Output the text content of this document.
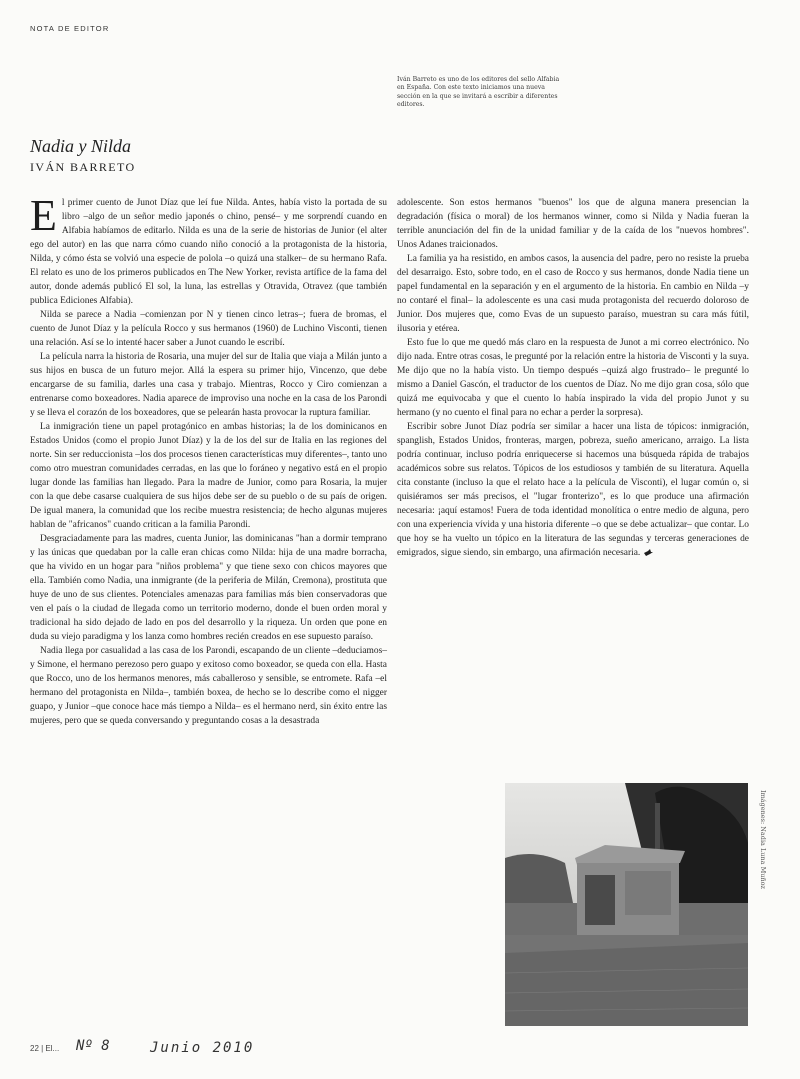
NOTA DE EDITOR
Iván Barreto es uno de los editores del sello Alfabia en España. Con este texto iniciamos una nueva sección en la que se invitará a escribir a diferentes editores.
Nadia y Nilda
IVÁN BARRETO
E l primer cuento de Junot Díaz que leí fue Nilda. Antes, había visto la portada de su libro –algo de un señor medio japonés o chino, pensé– y me sorprendí cuando en Alfabia habíamos de editarlo. Nilda es una de la serie de historias de Junior (el alter ego del autor) en las que narra cómo cuando niño conoció a la protagonista de la historia, Nilda, y cómo ésta se volvió una especie de polola –o quizá una stalker– de su hermano Rafa. El relato es uno de los primeros publicados en The New Yorker, revista artífice de la fama del autor, donde además publicó El sol, la luna, las estrellas y Otravida, Otravez (que también publica Ediciones Alfabia).

Nilda se parece a Nadia –comienzan por N y tienen cinco letras–; fuera de bromas, el cuento de Junot Díaz y la película Rocco y sus hermanos (1960) de Luchino Visconti, tienen una relación. Así se lo intenté hacer saber a Junot cuando le escribí.

La película narra la historia de Rosaria, una mujer del sur de Italia que viaja a Milán junto a sus hijos en busca de un futuro mejor. Allá la espera su primer hijo, Vincenzo, que debe encargarse de su familia, darles una casa y trabajo. Mientras, Rocco y Ciro comienzan a entrenarse como boxeadores. Nadia aparece de improviso una noche en la casa de los Parondi y se lleva el corazón de los boxeadores, que se pelearán hasta provocar la ruptura familiar.

La inmigración tiene un papel protagónico en ambas historias; la de los dominicanos en Estados Unidos (como el propio Junot Díaz) y la de los del sur de Italia en las regiones del norte. Sin ser reduccionista –los dos procesos tienen características muy diferentes–, tanto uno como otro muestran comunidades cerradas, en las que lo foráneo y negativo está en el propio lugar donde las familias han llegado. Para la madre de Junior, como para Rosaria, la mujer con la que debe casarse cualquiera de sus hijos debe ser de su pueblo o de su país de origen. De igual manera, la comunidad que los recibe muestra resistencia; de hecho algunas mujeres hablan de "africanos" cuando critican a la familia Parondi.

Desgraciadamente para las madres, cuenta Junior, las dominicanas "han a dormir temprano y las únicas que quedaban por la calle eran chicas como Nilda: hija de una madre borracha, que ha vivido en un hogar para "niños problema" y que tiene sexo con chicos mayores que ella. También como Nadia, una inmigrante (de la periferia de Milán, Cremona), prostituta que huye de uno de sus clientes. Potenciales amenazas para familias más bien conservadoras que ven el país o la ciudad de llegada como un territorio moderno, donde el buen orden moral y tradicional ha sido dejado de lado en pos del desarrollo y la riqueza. Un orden que pone en duda su viejo paradigma y los lanza como hombres recién creados en ese supuesto paraíso.

Nadia llega por casualidad a las casa de los Parondi, escapando de un cliente –deduciamos– y Simone, el hermano perezoso pero guapo y exitoso como boxeador, se queda con ella. Hasta que Rocco, uno de los hermanos menores, más caballeroso y sensible, se entromete. Rafa –el hermano del protagonista en Nilda–, también boxea, de hecho se lo describe como el nigger guapo, y Junior –que conoce hace más tiempo a Nilda– es el hermano nerd, sin éxito entre las mujeres, pero que se queda conversando y preguntando cosas a la desastrada

adolescente. Son estos hermanos "buenos" los que de alguna manera presencian la degradación (física o moral) de los hermanos winner, como si Nilda y Nadia fueran la terrible anunciación del fin de la unidad familiar y de la caída de los "nuevos hombres". Unos Adanes traicionados.

La familia ya ha resistido, en ambos casos, la ausencia del padre, pero no resiste la prueba del desarraigo. Esto, sobre todo, en el caso de Rocco y sus hermanos, donde Nadia tiene un papel fundamental en la separación y en el argumento de la historia. En cambio en Nilda –y no contaré el final– la adolescente es una casi muda protagonista del recuerdo doloroso de Junior. Dos mujeres que, como Evas de un supuesto paraíso, muestran su cara más fútil, ilusoria y etérea.

Esto fue lo que me quedó más claro en la respuesta de Junot a mi correo electrónico. No dijo nada. Entre otras cosas, le pregunté por la relación entre la historia de Visconti y la suya. Me dijo que no la había visto. Un tiempo después –quizá algo frustrado– le pregunté lo mismo a Daniel Gascón, el traductor de los cuentos de Díaz. No me dijo gran cosa, sólo que quizá me equivocaba y que el cuento lo había inspirado la vida del propio Junot y su hermano (y no cuento el final para no echar a perder la sorpresa).

Escribir sobre Junot Díaz podría ser similar a hacer una lista de tópicos: inmigración, spanglish, Estados Unidos, fronteras, margen, pobreza, sueño americano, arraigo. La lista podría continuar, incluso podría enriquecerse si hacemos una búsqueda rápida de trabajos académicos sobre sus relatos. Tópicos de los estudiosos y también de su literatura. Aquella cita constante (incluso la que el relato hace a la película de Visconti), el lugar común o, si quisiéramos ser más precisos, el "lugar fronterizo", es lo que produce una afirmación necesaria: ¡aquí estamos! Fuera de toda identidad monolítica o entre medio de alguna, pero con una experiencia vívida y una historia diferente –o que se debe actualizar– que contar. Lo que hoy se ha vuelto un tópico en la literatura de las segundas y terceras generaciones de emigrados, sigue siendo, sin embargo, una afirmación necesaria.

Imágenes: Nadia Luna Muñoz
22 | El... Nº 8	Junio 2010
